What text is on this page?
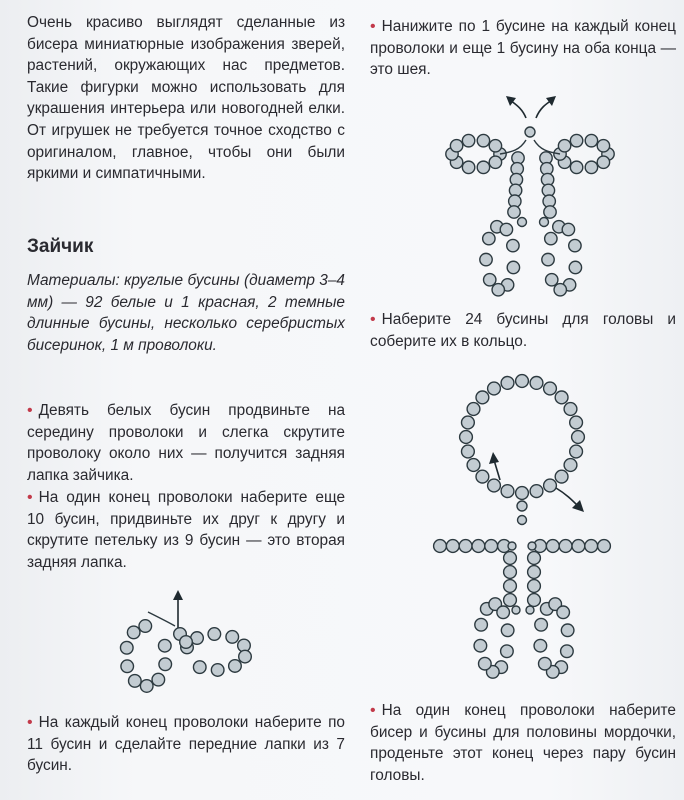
Очень красиво выглядят сделанные из бисера миниатюрные изображения зверей, растений, окружающих нас предметов. Такие фигурки можно использовать для украшения интерьера или новогодней елки. От игрушек не требуется точное сходство с оригиналом, главное, чтобы они были яркими и симпатичными.

Зайчик

Материалы: круглые бусины (диаметр 3–4 мм) — 92 белые и 1 красная, 2 темные длинные бусины, несколько серебристых бисеринок, 1 м проволоки.

• Девять белых бусин продвиньте на середину проволоки и слегка скрутите проволоку около них — получится задняя лапка зайчика.

• На один конец проволоки наберите еще 10 бусин, придвиньте их друг к другу и скрутите петельку из 9 бусин — это вторая задняя лапка.

• На каждый конец проволоки наберите по 11 бусин и сделайте передние лапки из 7 бусин.

• Нанижите по 1 бусине на каждый конец проволоки и еще 1 бусину на оба конца — это шея.

• Наберите 24 бусины для головы и соберите их в кольцо.

• На один конец проволоки наберите бисер и бусины для половины мордочки, проденьте этот конец через пару бусин головы.
